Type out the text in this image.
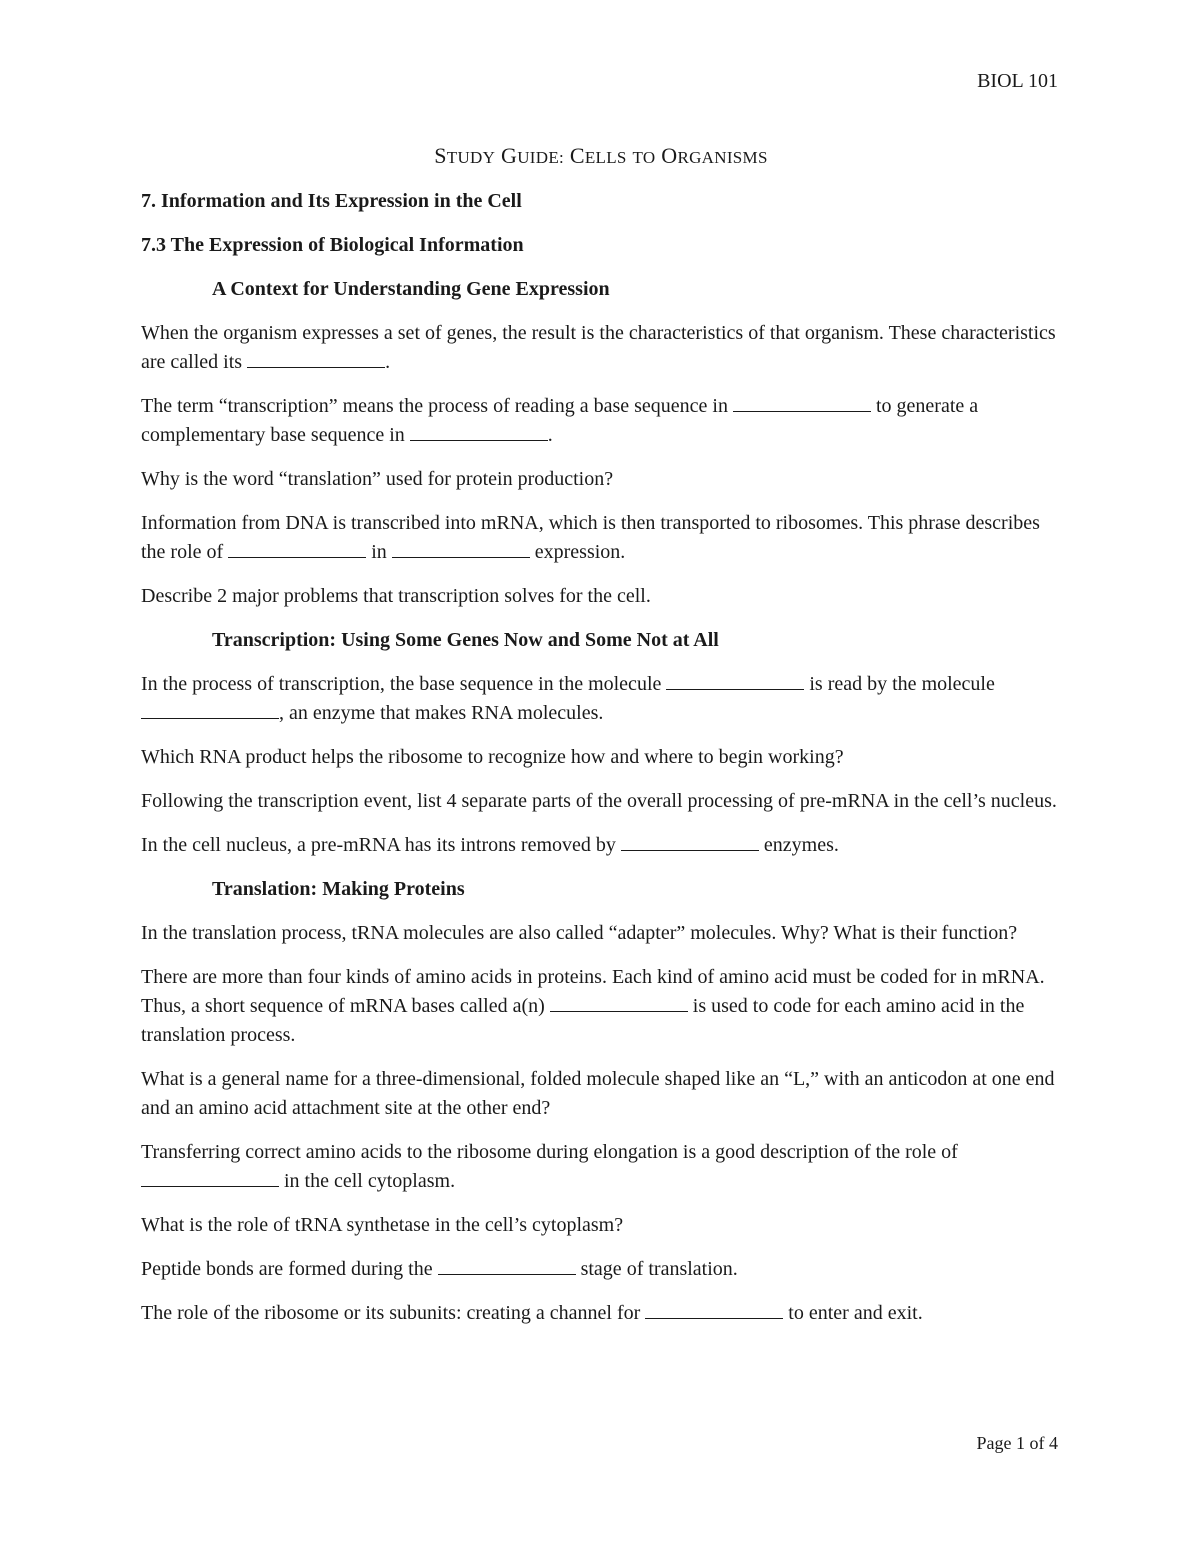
BIOL 101
STUDY GUIDE: CELLS TO ORGANISMS
7. Information and Its Expression in the Cell
7.3 The Expression of Biological Information
A Context for Understanding Gene Expression

When the organism expresses a set of genes, the result is the characteristics of that organism. These characteristics are called its	.

The term “transcription” means the process of reading a base sequence in	to generate a complementary base sequence in	.

Why is the word “translation” used for protein production?

Information from DNA is transcribed into mRNA, which is then transported to ribosomes. This phrase describes the role of	in	expression.

Describe 2 major problems that transcription solves for the cell.

Transcription: Using Some Genes Now and Some Not at All

In the process of transcription, the base sequence in the molecule	is read by the molecule , an enzyme that makes RNA molecules.

Which RNA product helps the ribosome to recognize how and where to begin working?

Following the transcription event, list 4 separate parts of the overall processing of pre-mRNA in the cell’s nucleus.

In the cell nucleus, a pre-mRNA has its introns removed by	enzymes.

Translation: Making Proteins

In the translation process, tRNA molecules are also called “adapter” molecules. Why? What is their function?

There are more than four kinds of amino acids in proteins. Each kind of amino acid must be coded for in mRNA. Thus, a short sequence of mRNA bases called a(n)	is used to code for each amino acid in the translation process.

What is a general name for a three-dimensional, folded molecule shaped like an “L,” with an anticodon at one end and an amino acid attachment site at the other end?

Transferring correct amino acids to the ribosome during elongation is a good description of the role of  in the cell cytoplasm.

What is the role of tRNA synthetase in the cell’s cytoplasm?

Peptide bonds are formed during the	stage of translation.

The role of the ribosome or its subunits: creating a channel for	to enter and exit.

Page 1 of 4
